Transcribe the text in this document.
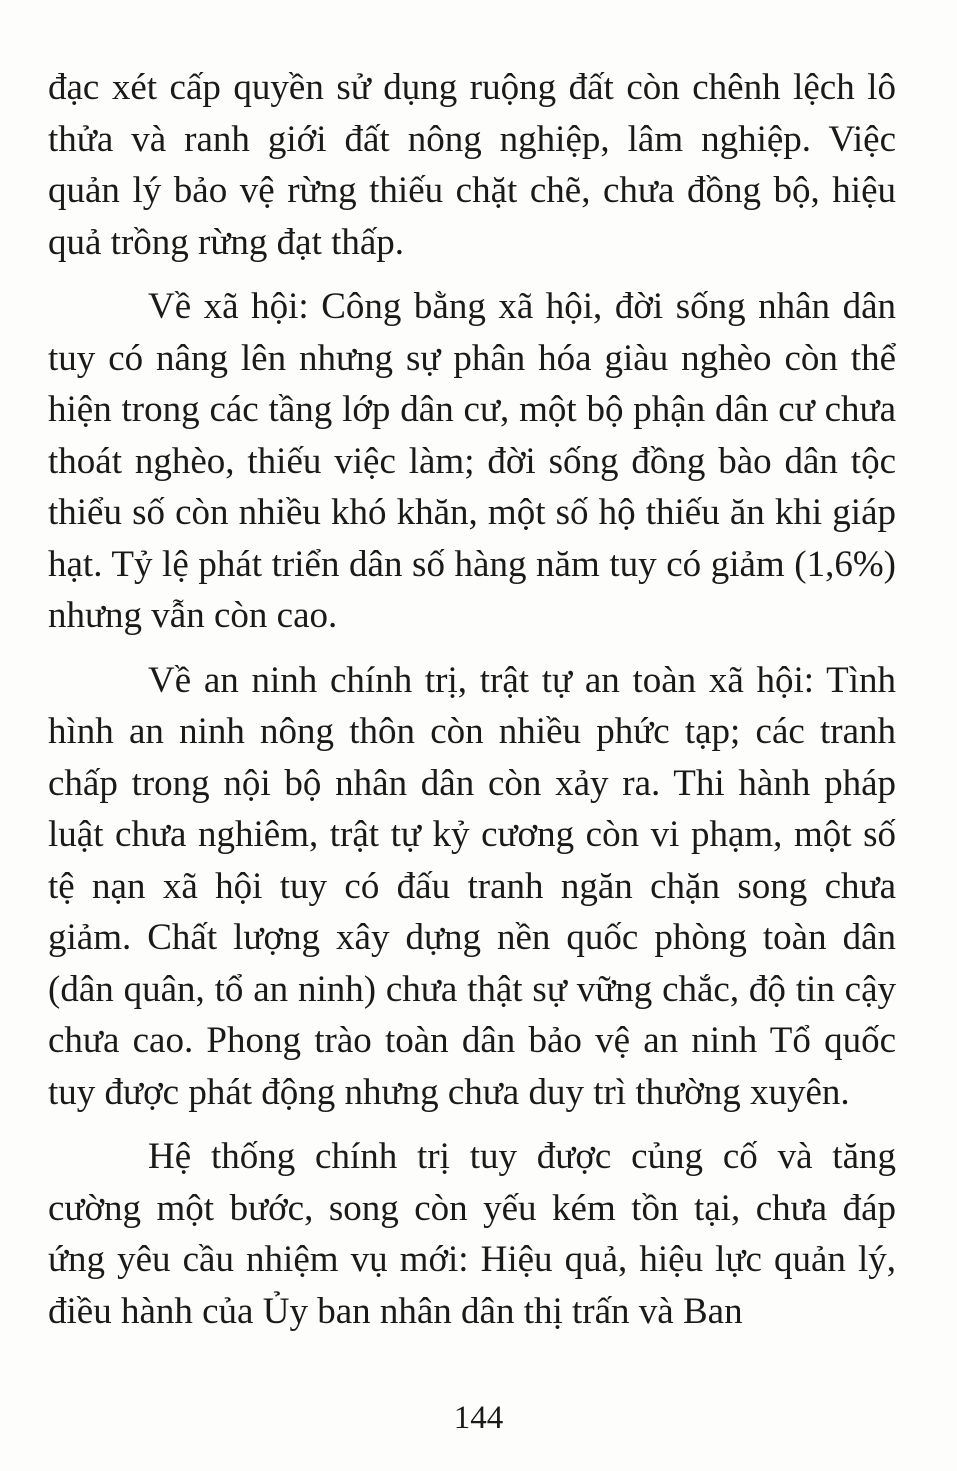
đạc xét cấp quyền sử dụng ruộng đất còn chênh lệch lô thửa và ranh giới đất nông nghiệp, lâm nghiệp. Việc quản lý bảo vệ rừng thiếu chặt chẽ, chưa đồng bộ, hiệu quả trồng rừng đạt thấp.

Về xã hội: Công bằng xã hội, đời sống nhân dân tuy có nâng lên nhưng sự phân hóa giàu nghèo còn thể hiện trong các tầng lớp dân cư, một bộ phận dân cư chưa thoát nghèo, thiếu việc làm; đời sống đồng bào dân tộc thiểu số còn nhiều khó khăn, một số hộ thiếu ăn khi giáp hạt. Tỷ lệ phát triển dân số hàng năm tuy có giảm (1,6%) nhưng vẫn còn cao.

Về an ninh chính trị, trật tự an toàn xã hội: Tình hình an ninh nông thôn còn nhiều phức tạp; các tranh chấp trong nội bộ nhân dân còn xảy ra. Thi hành pháp luật chưa nghiêm, trật tự kỷ cương còn vi phạm, một số tệ nạn xã hội tuy có đấu tranh ngăn chặn song chưa giảm. Chất lượng xây dựng nền quốc phòng toàn dân (dân quân, tổ an ninh) chưa thật sự vững chắc, độ tin cậy chưa cao. Phong trào toàn dân bảo vệ an ninh Tổ quốc tuy được phát động nhưng chưa duy trì thường xuyên.

Hệ thống chính trị tuy được củng cố và tăng cường một bước, song còn yếu kém tồn tại, chưa đáp ứng yêu cầu nhiệm vụ mới: Hiệu quả, hiệu lực quản lý, điều hành của Ủy ban nhân dân thị trấn và Ban

144
